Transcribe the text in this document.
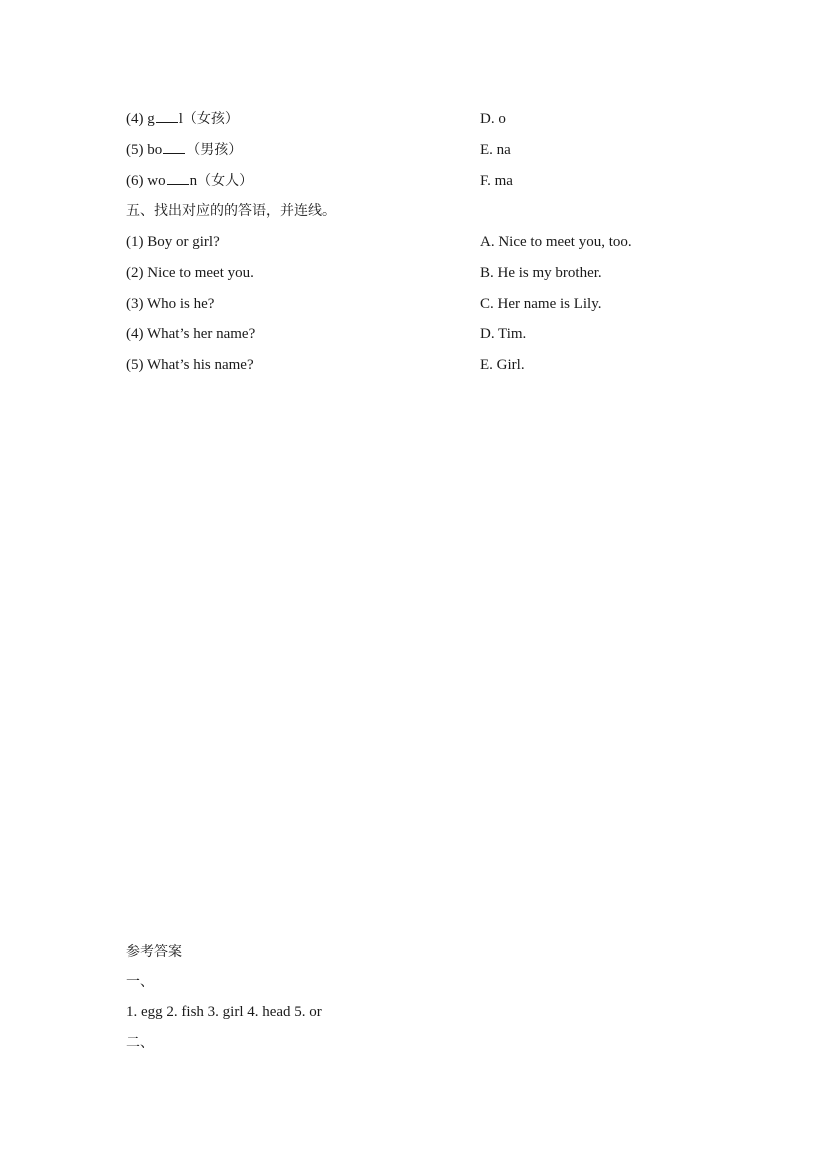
(4) g l（女孩）	D. o
(5) bo （男孩）	E. na
(6) wo n（女人）	F. ma
五、找出对应的的答语，并连线。
(1) Boy or girl?	A. Nice to meet you, too.
(2) Nice to meet you.	B. He is my brother.
(3) Who is he?	C. Her name is Lily.
(4) What’s her name?	D. Tim.
(5) What’s his name?	E. Girl.
参考答案
一、
1. egg 2. fish 3. girl 4. head 5. or
二、
